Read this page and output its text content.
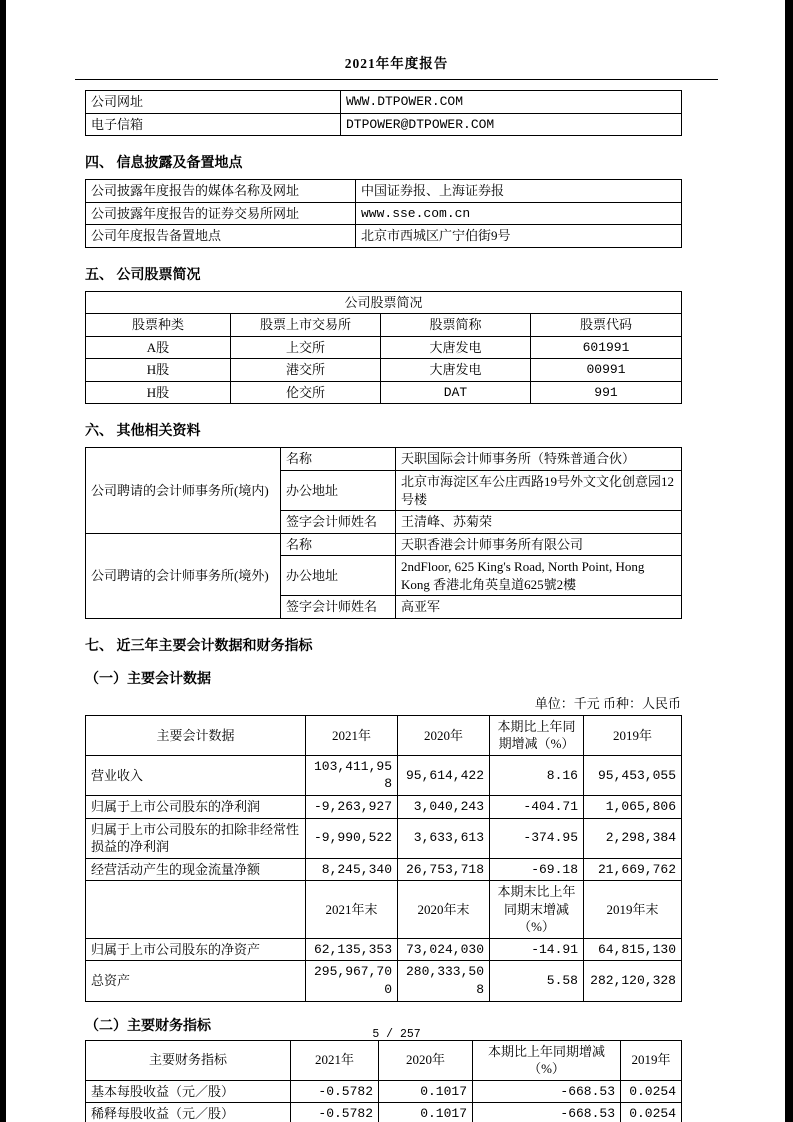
2021年年度报告
公司网址	WWW.DTPOWER.COM
电子信箱	DTPOWER@DTPOWER.COM
四、 信息披露及备置地点
公司披露年度报告的媒体名称及网址	中国证券报、上海证券报
公司披露年度报告的证券交易所网址	www.sse.com.cn
公司年度报告备置地点	北京市西城区广宁伯街9号
五、 公司股票简况
公司股票简况			
股票种类	股票上市交易所	股票简称	股票代码
A股	上交所	大唐发电	601991
H股	港交所	大唐发电	00991
H股	伦交所	DAT	991
六、 其他相关资料
公司聘请的会计师事务所(境内)	名称	天职国际会计师事务所（特殊普通合伙）
	办公地址	北京市海淀区车公庄西路19号外文文化创意园12号楼
	签字会计师姓名	王清峰、苏菊荣
公司聘请的会计师事务所(境外)	名称	天职香港会计师事务所有限公司
	办公地址	2ndFloor, 625 King's Road, North Point, Hong Kong 香港北角英皇道625號2樓
	签字会计师姓名	高亚军
七、 近三年主要会计数据和财务指标
（一）主要会计数据
单位：千元 币种：人民币
主要会计数据	2021年	2020年	本期比上年同期增减（%）	2019年
营业收入	103,411,958	95,614,422	8.16	95,453,055
归属于上市公司股东的净利润	-9,263,927	3,040,243	-404.71	1,065,806
归属于上市公司股东的扣除非经常性损益的净利润	-9,990,522	3,633,613	-374.95	2,298,384
经营活动产生的现金流量净额	8,245,340	26,753,718	-69.18	21,669,762
	2021年末	2020年末	本期末比上年同期末增减（%）	2019年末
归属于上市公司股东的净资产	62,135,353	73,024,030	-14.91	64,815,130
总资产	295,967,700	280,333,508	5.58	282,120,328
（二）主要财务指标
主要财务指标	2021年	2020年	本期比上年同期增减（%）	2019年
基本每股收益（元／股）	-0.5782	0.1017	-668.53	0.0254
稀释每股收益（元／股）	-0.5782	0.1017	-668.53	0.0254
5 / 257
